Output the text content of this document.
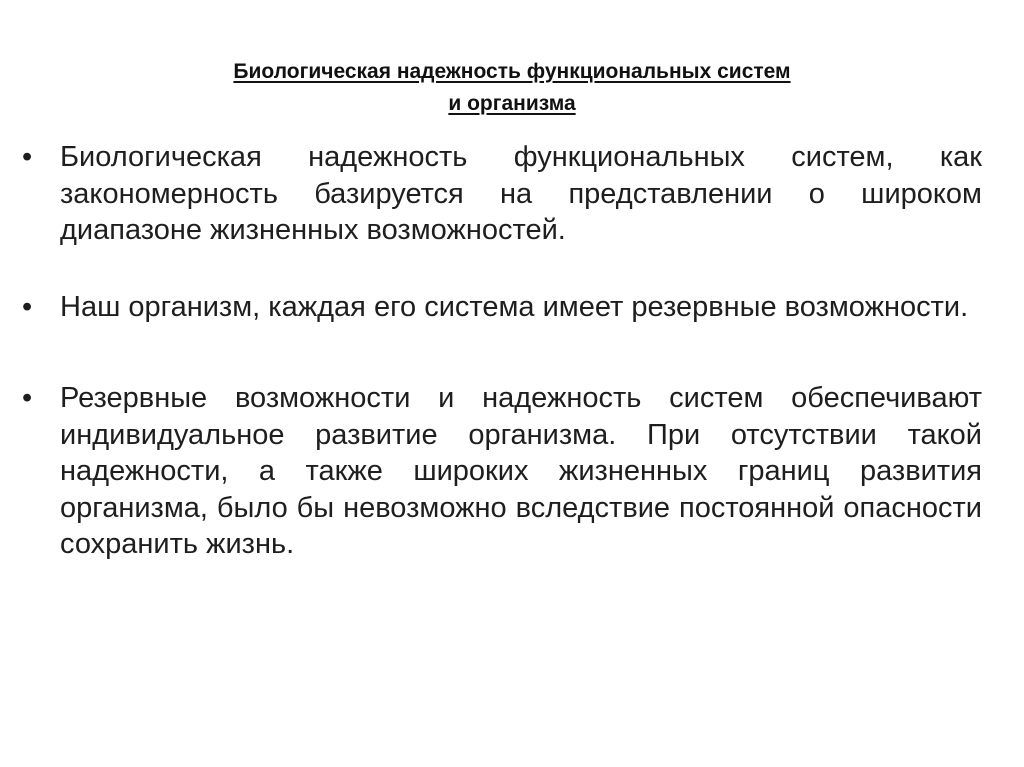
Биологическая надежность функциональных систем
и организма
• Биологическая надежность функциональных систем, как закономерность базируется на представлении о широком диапазоне жизненных возможностей.
• Наш организм, каждая его система имеет резервные возможности.
• Резервные возможности и надежность систем обеспечивают индивидуальное развитие организма. При отсутствии такой надежности, а также широких жизненных границ развития организма, было бы невозможно вследствие постоянной опасности сохранить жизнь.
